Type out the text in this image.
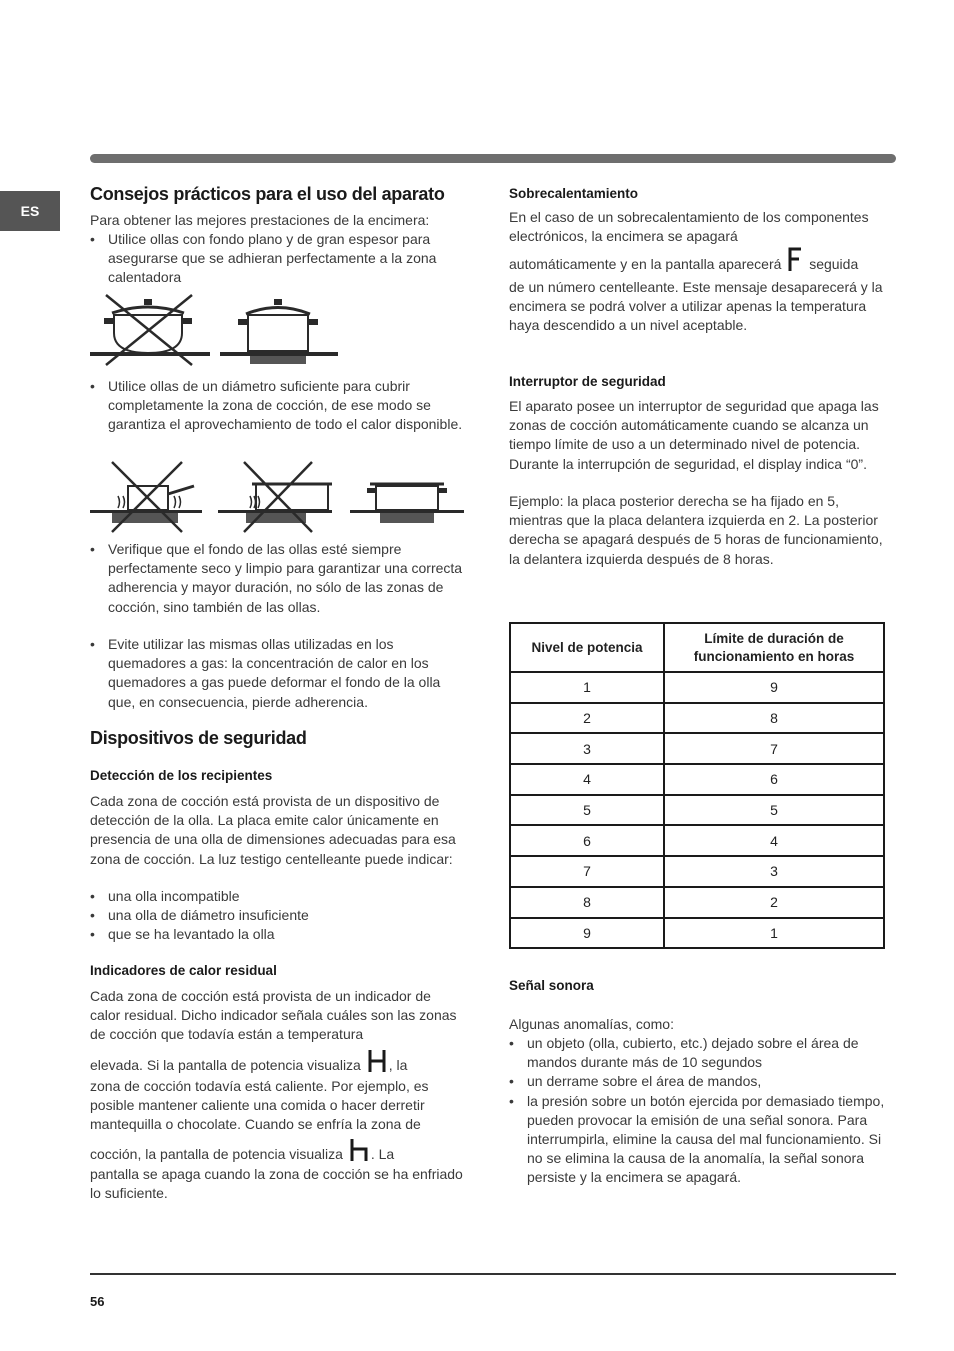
ES
Consejos prácticos para el uso del aparato

Para obtener las mejores prestaciones de la encimera:

• Utilice ollas con fondo plano y de gran espesor para asegurarse que se adhieran perfectamente a la zona calentadora
• Utilice ollas de un diámetro suficiente para cubrir completamente la zona de cocción, de ese modo se garantiza el aprovechamiento de todo el calor disponible.
• Verifique que el fondo de las ollas esté siempre perfectamente seco y limpio para garantizar una correcta adherencia y mayor duración, no sólo de las zonas de cocción, sino también de las ollas.
• Evite utilizar las mismas ollas utilizadas en los quemadores a gas: la concentración de calor en los quemadores a gas puede deformar el fondo de la olla que, en consecuencia, pierde adherencia.
Dispositivos de seguridad
Detección de los recipientes

Cada zona de cocción está provista de un dispositivo de detección de la olla. La placa emite calor únicamente en presencia de una olla de dimensiones adecuadas para esa zona de cocción. La luz testigo centelleante puede indicar:

• una olla incompatible
• una olla de diámetro insuficiente
• que se ha levantado la olla
Indicadores de calor residual

Cada zona de cocción está provista de un indicador de calor residual. Dicho indicador señala cuáles son las zonas de cocción que todavía están a temperatura

elevada. Si la pantalla de potencia visualiza , la

zona de cocción todavía está caliente. Por ejemplo, es posible mantener caliente una comida o hacer derretir mantequilla o chocolate. Cuando se enfría la zona de

cocción, la pantalla de potencia visualiza . La

pantalla se apaga cuando la zona de cocción se ha enfriado lo suficiente.

Sobrecalentamiento

En el caso de un sobrecalentamiento de los componentes electrónicos, la encimera se apagará

automáticamente y en la pantalla aparecerá seguida

de un número centelleante. Este mensaje desaparecerá y la encimera se podrá volver a utilizar apenas la temperatura haya descendido a un nivel aceptable.

Interruptor de seguridad

El aparato posee un interruptor de seguridad que apaga las zonas de cocción automáticamente cuando se alcanza un tiempo límite de uso a un determinado nivel de potencia. Durante la interrupción de seguridad, el display indica “0”.

Ejemplo: la placa posterior derecha se ha fijado en 5, mientras que la placa delantera izquierda en 2. La posterior derecha se apagará después de 5 horas de funcionamiento, la delantera izquierda después de 8 horas.

Señal sonora

Algunas anomalías, como:

• un objeto (olla, cubierto, etc.) dejado sobre el área de mandos durante más de 10 segundos
• un derrame sobre el área de mandos,
• la presión sobre un botón ejercida por demasiado tiempo, pueden provocar la emisión de una señal sonora. Para interrumpirla, elimine la causa del mal funcionamiento. Si no se elimina la causa de la anomalía, la señal sonora persiste y la encimera se apagará.
Nivel de potencia	Límite de duración de funcionamiento en horas
1	9
2	8
3	7
4	6
5	5
6	4
7	3
8	2
9	1
56
